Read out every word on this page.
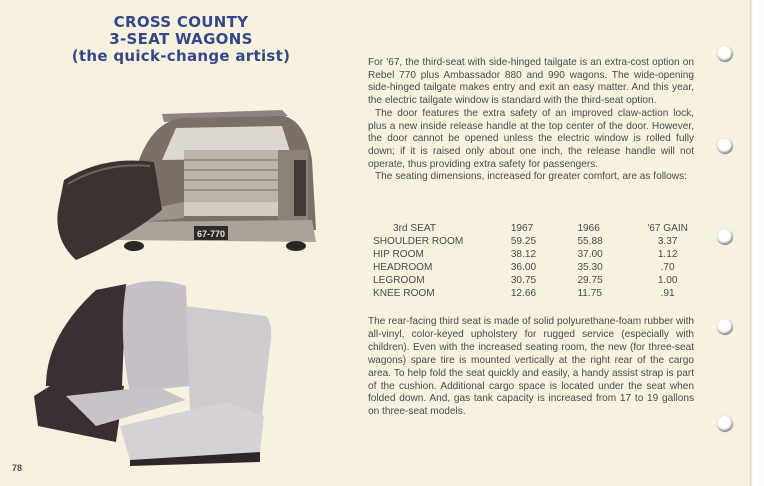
CROSS COUNTY
3-SEAT WAGONS
(the quick-change artist)
67-770

For '67, the third-seat with side-hinged tailgate is an extra-cost option on Rebel 770 plus Ambassador 880 and 990 wagons. The wide-opening side-hinged tailgate makes entry and exit an easy matter. And this year, the electric tailgate window is standard with the third-seat option.

The door features the extra safety of an improved claw-action lock, plus a new inside release handle at the top center of the door. However, the door cannot be opened unless the electric window is rolled fully down; if it is raised only about one inch, the release handle will not operate, thus providing extra safety for passengers.

The seating dimensions, increased for greater comfort, are as follows:

3rd SEAT	1967	1966	'67 GAIN
SHOULDER ROOM	59.25	55.88	3.37
HIP ROOM	38.12	37.00	1.12
HEADROOM	36.00	35.30	.70
LEGROOM	30.75	29.75	1.00
KNEE ROOM	12.66	11.75	.91

The rear-facing third seat is made of solid polyurethane-foam rubber with all-vinyl, color-keyed upholstery for rugged service (especially with children). Even with the increased seating room, the new (for three-seat wagons) spare tire is mounted vertically at the right rear of the cargo area. To help fold the seat quickly and easily, a handy assist strap is part of the cushion. Additional cargo space is located under the seat when folded down. And, gas tank capacity is increased from 17 to 19 gallons on three-seat models.

78
